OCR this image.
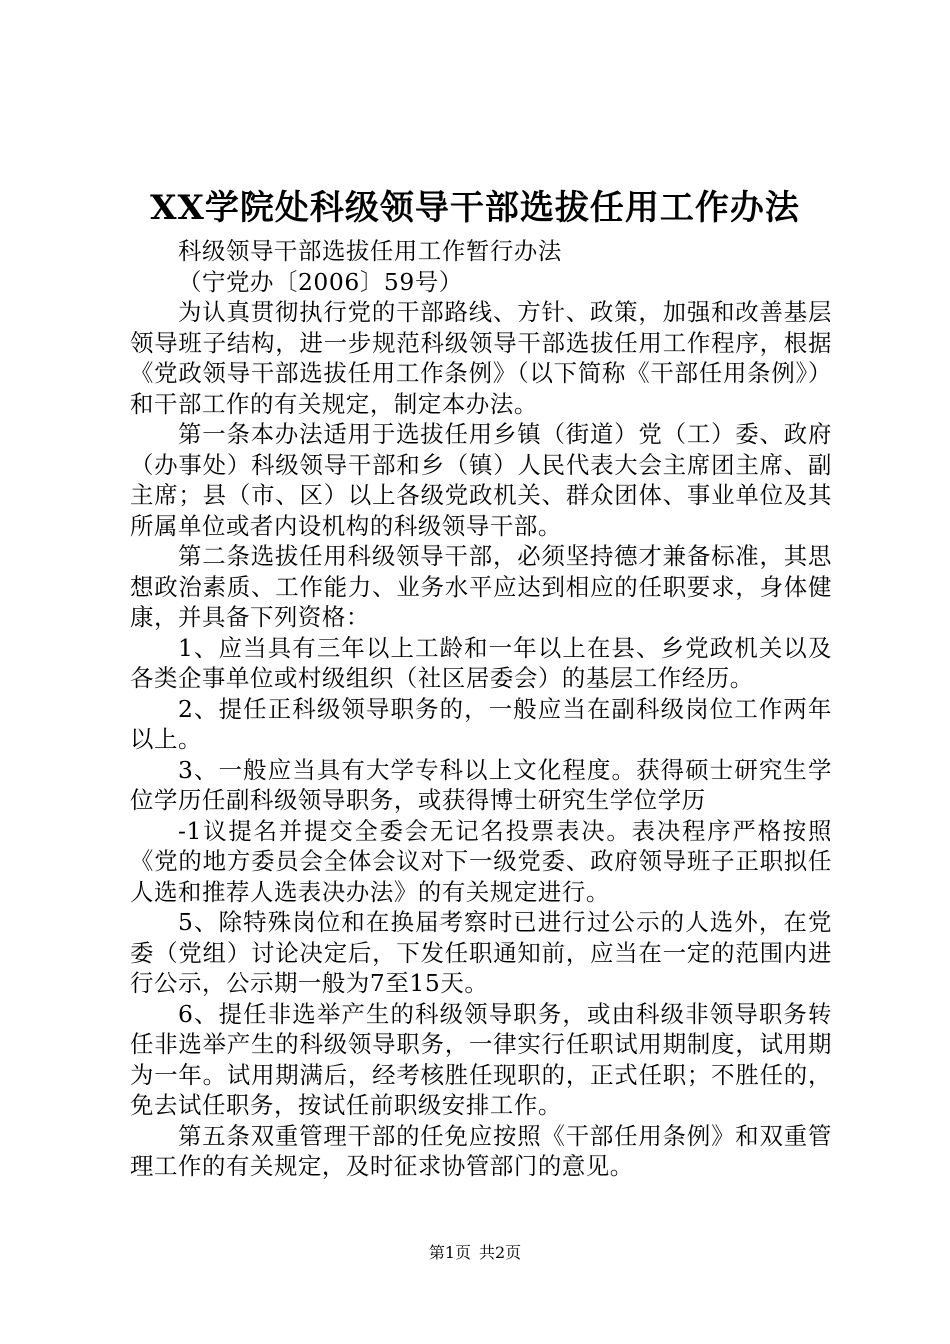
XX学院处科级领导干部选拔任用工作办法

科级领导干部选拔任用工作暂行办法

（宁党办〔2006〕59号）

为认真贯彻执行党的干部路线、方针、政策，加强和改善基层领导班子结构，进一步规范科级领导干部选拔任用工作程序，根据《党政领导干部选拔任用工作条例》（以下简称《干部任用条例》）和干部工作的有关规定，制定本办法。

第一条本办法适用于选拔任用乡镇（街道）党（工）委、政府（办事处）科级领导干部和乡（镇）人民代表大会主席团主席、副主席；县（市、区）以上各级党政机关、群众团体、事业单位及其所属单位或者内设机构的科级领导干部。

第二条选拔任用科级领导干部，必须坚持德才兼备标准，其思想政治素质、工作能力、业务水平应达到相应的任职要求，身体健康，并具备下列资格：

1、应当具有三年以上工龄和一年以上在县、乡党政机关以及各类企事单位或村级组织（社区居委会）的基层工作经历。

2、提任正科级领导职务的，一般应当在副科级岗位工作两年以上。

3、一般应当具有大学专科以上文化程度。获得硕士研究生学位学历任副科级领导职务，或获得博士研究生学位学历

-1议提名并提交全委会无记名投票表决。表决程序严格按照《党的地方委员会全体会议对下一级党委、政府领导班子正职拟任人选和推荐人选表决办法》的有关规定进行。

5、除特殊岗位和在换届考察时已进行过公示的人选外，在党委（党组）讨论决定后，下发任职通知前，应当在一定的范围内进行公示，公示期一般为7至15天。

6、提任非选举产生的科级领导职务，或由科级非领导职务转任非选举产生的科级领导职务，一律实行任职试用期制度，试用期为一年。试用期满后，经考核胜任现职的，正式任职；不胜任的，免去试任职务，按试任前职级安排工作。

第五条双重管理干部的任免应按照《干部任用条例》和双重管理工作的有关规定，及时征求协管部门的意见。

第1页 共2页
